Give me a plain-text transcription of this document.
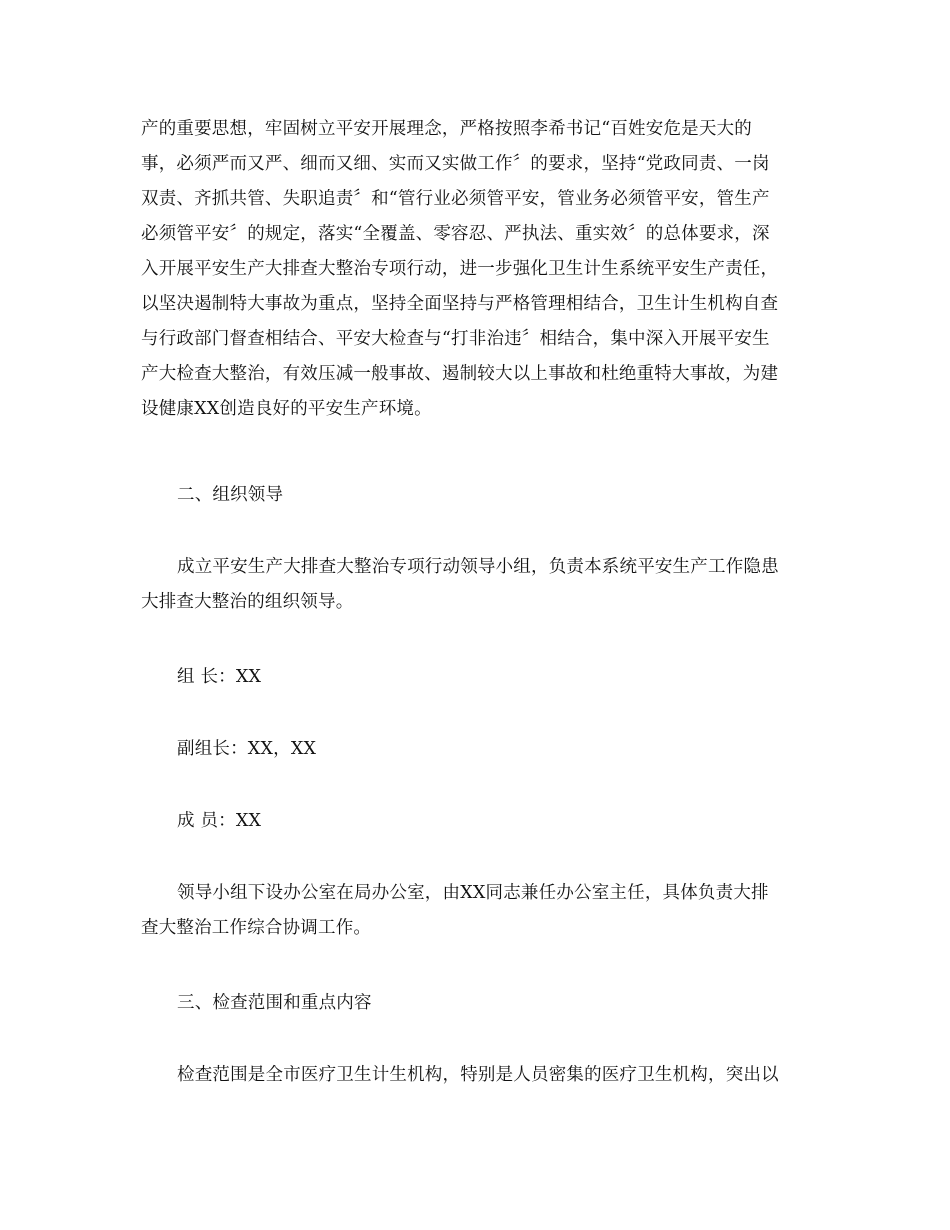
产的重要思想，牢固树立平安开展理念，严格按照李希书记“百姓安危是天大的
事，必须严而又严、细而又细、实而又实做工作〞的要求，坚持“党政同责、一岗
双责、齐抓共管、失职追责〞和“管行业必须管平安，管业务必须管平安，管生产
必须管平安〞的规定，落实“全覆盖、零容忍、严执法、重实效〞的总体要求，深
入开展平安生产大排查大整治专项行动，进一步强化卫生计生系统平安生产责任，
以坚决遏制特大事故为重点，坚持全面坚持与严格管理相结合，卫生计生机构自查
与行政部门督查相结合、平安大检查与“打非治违〞相结合，集中深入开展平安生
产大检查大整治，有效压减一般事故、遏制较大以上事故和杜绝重特大事故，为建
设健康XX创造良好的平安生产环境。

二、组织领导

成立平安生产大排查大整治专项行动领导小组，负责本系统平安生产工作隐患
大排查大整治的组织领导。

组 长：XX

副组长：XX，XX

成 员：XX

领导小组下设办公室在局办公室，由XX同志兼任办公室主任，具体负责大排
查大整治工作综合协调工作。

三、检查范围和重点内容

检查范围是全市医疗卫生计生机构，特别是人员密集的医疗卫生机构，突出以
